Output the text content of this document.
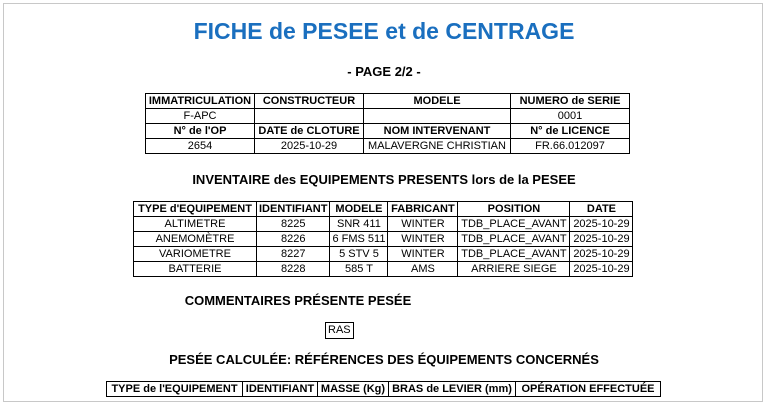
FICHE de PESEE et de CENTRAGE
- PAGE 2/2 -
IMMATRICULATION	CONSTRUCTEUR	MODELE	NUMERO de SERIE
F-APC			0001
N° de l'OP	DATE de CLOTURE	NOM INTERVENANT	N° de LICENCE
2654	2025-10-29	MALAVERGNE CHRISTIAN	FR.66.012097
INVENTAIRE des EQUIPEMENTS PRESENTS lors de la PESEE
TYPE d'EQUIPEMENT	IDENTIFIANT	MODELE	FABRICANT	POSITION	DATE
ALTIMETRE	8225	SNR 411	WINTER	TDB_PLACE_AVANT	2025-10-29
ANEMOMÈTRE	8226	6 FMS 511	WINTER	TDB_PLACE_AVANT	2025-10-29
VARIOMETRE	8227	5 STV 5	WINTER	TDB_PLACE_AVANT	2025-10-29
BATTERIE	8228	585 T	AMS	ARRIERE SIEGE	2025-10-29
COMMENTAIRES PRÉSENTE PESÉE
RAS
PESÉE CALCULÉE: RÉFÉRENCES DES ÉQUIPEMENTS CONCERNÉS
TYPE de l'EQUIPEMENT	IDENTIFIANT	MASSE (Kg)	BRAS de LEVIER (mm)	OPÉRATION EFFECTUÉE
